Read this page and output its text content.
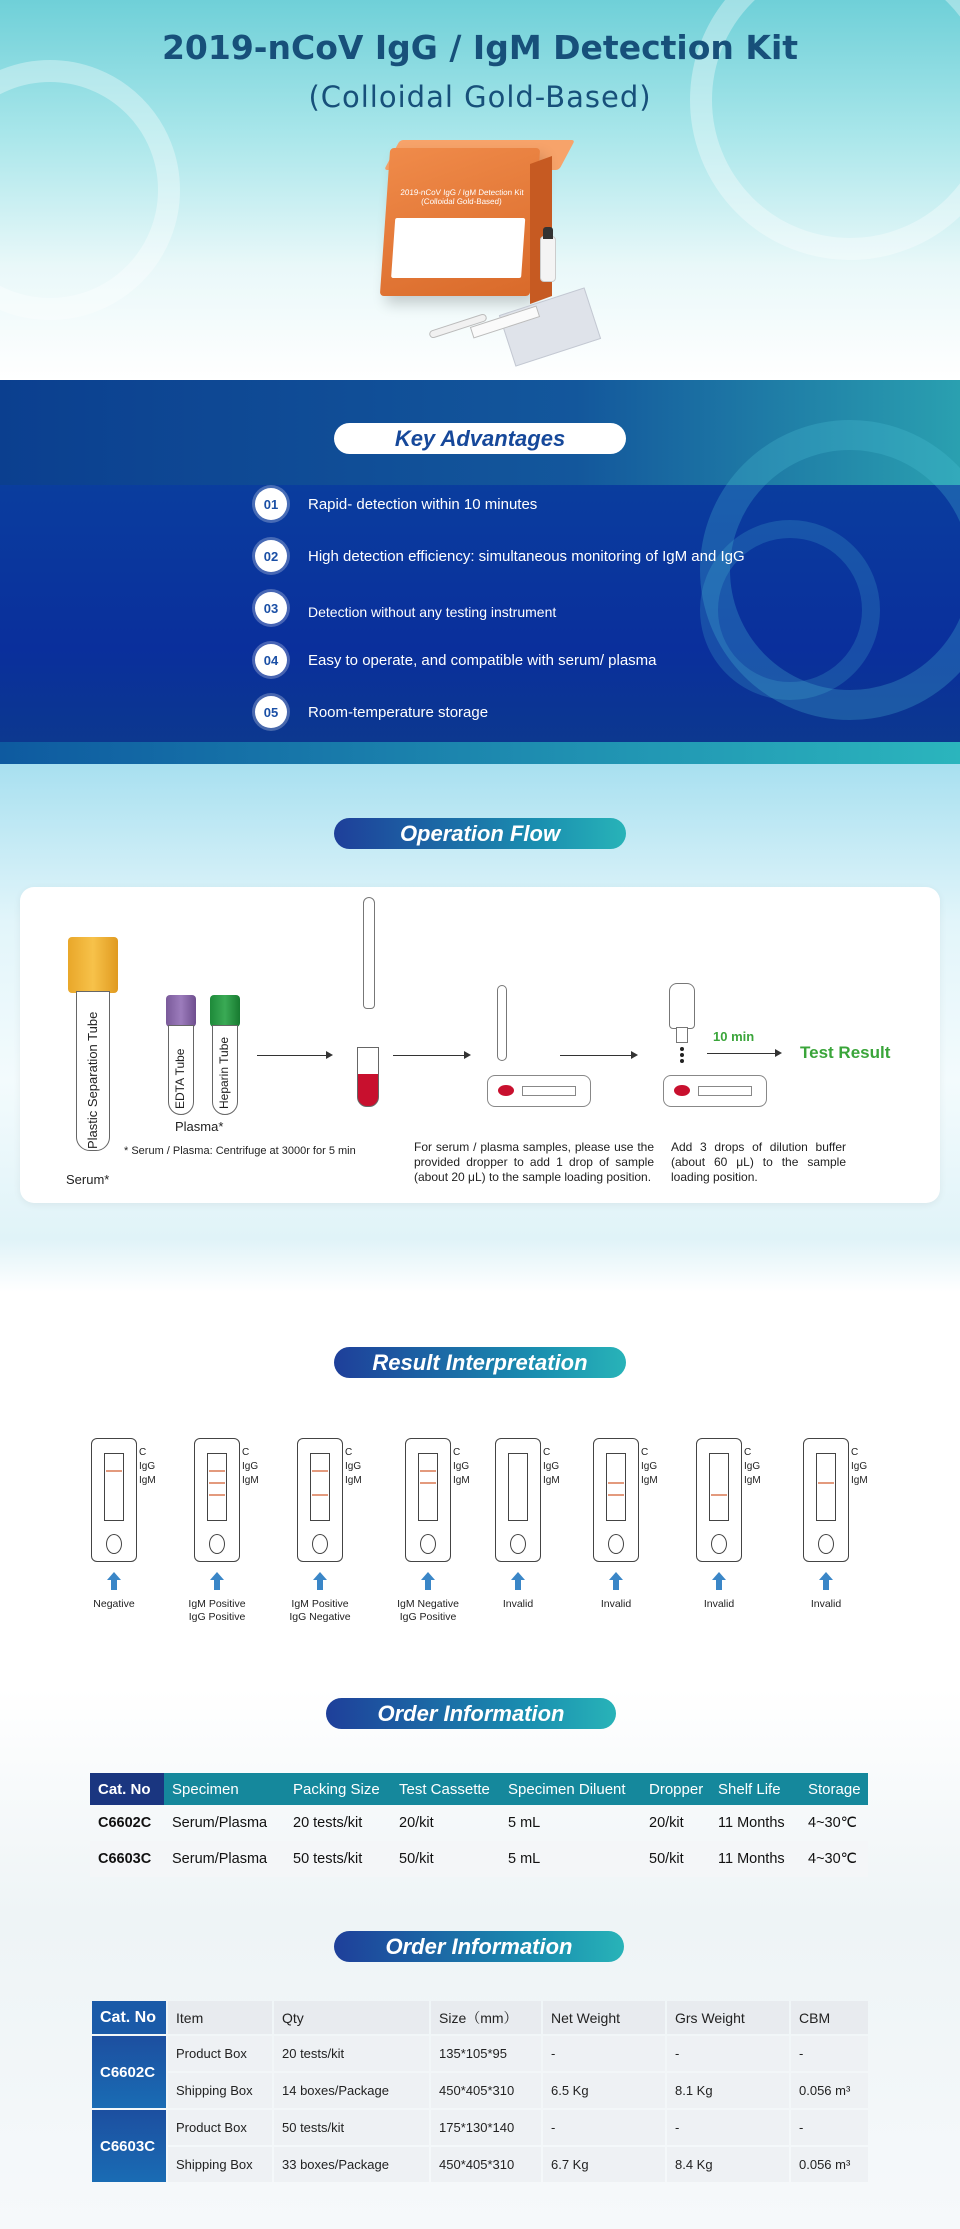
2019-nCoV IgG / IgM Detection Kit
(Colloidal Gold-Based)
2019-nCoV IgG / IgM Detection Kit (Colloidal Gold-Based)
Key Advantages
01	Rapid- detection within 10 minutes
02	High detection efficiency: simultaneous monitoring of IgM and IgG
03	Detection without any testing instrument
04	Easy to operate, and compatible with serum/ plasma
05	Room-temperature storage
Operation Flow
Plastic Separation Tube
Serum*
EDTA Tube	Heparin Tube
Plasma*
* Serum / Plasma: Centrifuge at 3000r for 5 min	For serum / plasma samples, please use the provided dropper to add 1 drop of sample (about 20 μL) to the sample loading position.
Add 3 drops of dilution buffer (about 60 μL) to the sample loading position.
10 min
Test Result
Result Interpretation
C
IgG
IgM
Negative
C
IgG
IgM
IgM Positive
IgG Positive
C
IgG
IgM
IgM Positive
IgG Negative
C
IgG
IgM
IgM Negative
IgG Positive
C
IgG
IgM
Invalid
C
IgG
IgM
Invalid
C
IgG
IgM
Invalid
C
IgG
IgM
Invalid
Order Information
Cat. No	Specimen	Packing Size	Test Cassette	Specimen Diluent	Dropper	Shelf Life	Storage
C6602C	Serum/Plasma	20 tests/kit	20/kit	5 mL	20/kit	11 Months	4~30℃
C6603C	Serum/Plasma	50 tests/kit	50/kit	5 mL	50/kit	11 Months	4~30℃
Order Information
Cat. No	Item	Qty	Size（mm）	Net Weight	Grs Weight	CBM
C6602C	Product Box	20 tests/kit	135*105*95	-	-	-
	Shipping Box	14 boxes/Package	450*405*310	6.5 Kg	8.1 Kg	0.056 m³
C6603C	Product Box	50 tests/kit	175*130*140	-	-	-
	Shipping Box	33 boxes/Package	450*405*310	6.7 Kg	8.4 Kg	0.056 m³
